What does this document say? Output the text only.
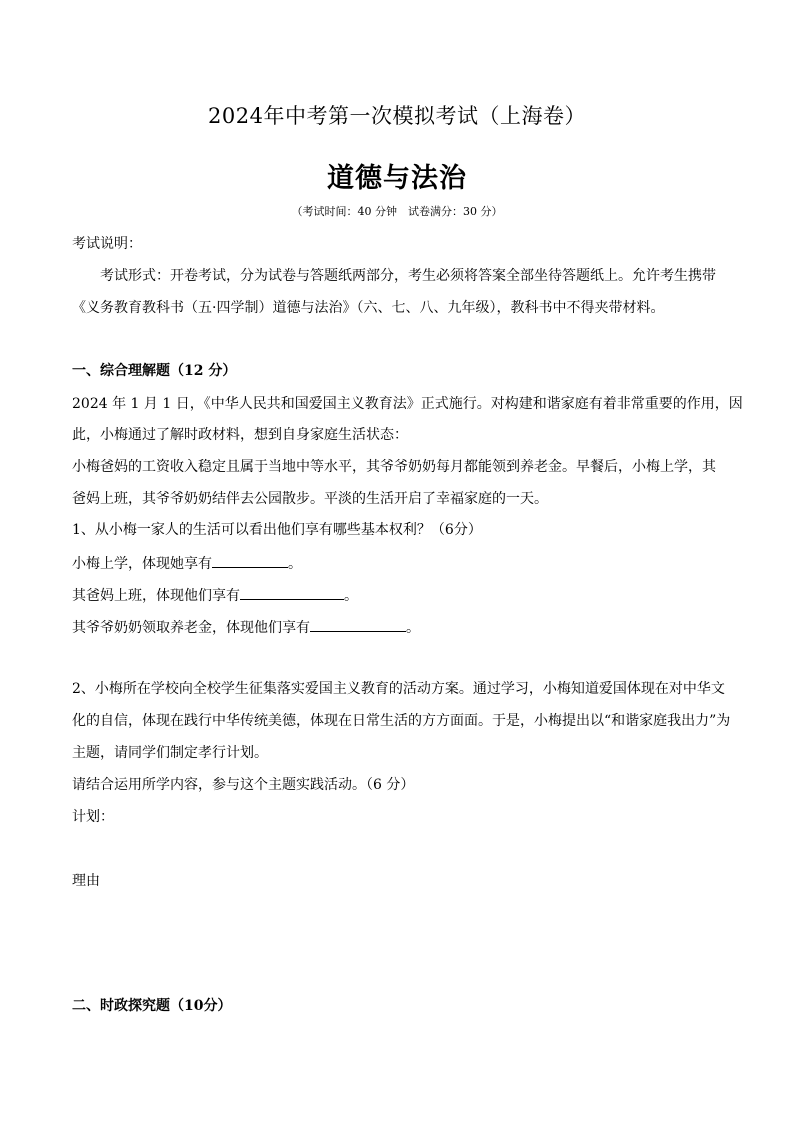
2024年中考第一次模拟考试（上海卷）
道德与法治
（考试时间：40 分钟　试卷满分：30 分）
考试说明：
考试形式：开卷考试，分为试卷与答题纸两部分，考生必须将答案全部坐待答题纸上。允许考生携带
《义务教育教科书（五·四学制）道德与法治》（六、七、八、九年级），教科书中不得夹带材料。
一、综合理解题（12 分）
2024 年 1 月 1 日，《中华人民共和国爱国主义教育法》正式施行。对构建和谐家庭有着非常重要的作用，因
此，小梅通过了解时政材料，想到自身家庭生活状态：
小梅爸妈的工资收入稳定且属于当地中等水平，其爷爷奶奶每月都能领到养老金。早餐后，小梅上学，其
爸妈上班，其爷爷奶奶结伴去公园散步。平淡的生活开启了幸福家庭的一天。
1、从小梅一家人的生活可以看出他们享有哪些基本权利？（6分）
小梅上学，体现她享有	。
其爸妈上班，体现他们享有	。
其爷爷奶奶领取养老金，体现他们享有	。
2、小梅所在学校向全校学生征集落实爱国主义教育的活动方案。通过学习，小梅知道爱国体现在对中华文
化的自信，体现在践行中华传统美德，体现在日常生活的方方面面。于是，小梅提出以“和谐家庭我出力”为
主题，请同学们制定孝行计划。
请结合运用所学内容，参与这个主题实践活动。（6 分）
计划：
理由
二、时政探究题（10分）
